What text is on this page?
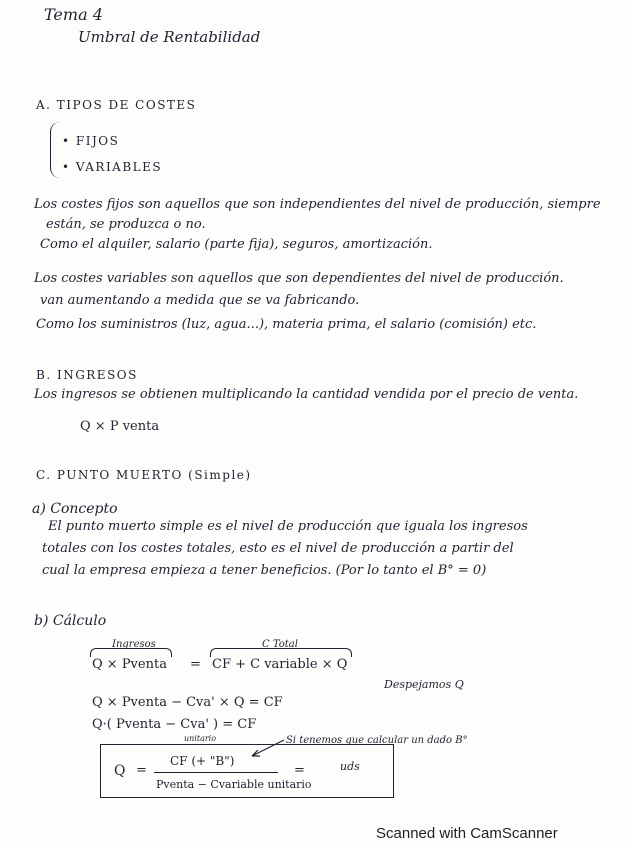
Tema 4
Umbral de Rentabilidad
A. TIPOS DE COSTES
• FIJOS
• VARIABLES
Los costes fijos son aquellos que son independientes del nivel de producción, siempre
están, se produzca o no.
Como el alquiler, salario (parte fija), seguros, amortización.
Los costes variables son aquellos que son dependientes del nivel de producción.
van aumentando a medida que se va fabricando.
Como los suministros (luz, agua...), materia prima, el salario (comisión) etc.
B. INGRESOS
Los ingresos se obtienen multiplicando la cantidad vendida por el precio de venta.
Q × P venta
C. PUNTO MUERTO (Simple)
a) Concepto
El punto muerto simple es el nivel de producción que iguala los ingresos
totales con los costes totales, esto es el nivel de producción a partir del
cual la empresa empieza a tener beneficios. (Por lo tanto el B° = 0)
b) Cálculo
Ingresos	C Total
Q × Pventa = CF + C variable × Q
Despejamos Q
Q × Pventa − Cva' × Q = CF
Q·( Pventa − Cva' ) = CF
unitario	Si tenemos que calcular un dado B°
Q =
CF (+ "B")
Pventa − Cvariable unitario
=	uds
Scanned with CamScanner
